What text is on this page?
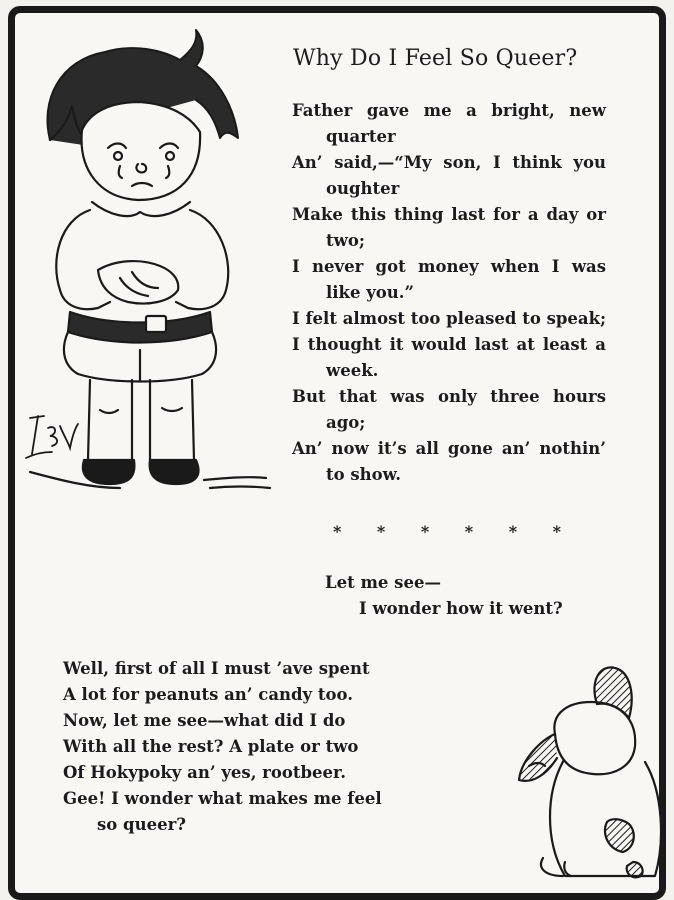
Why Do I Feel So Queer?
Father gave me a bright, new
quarter
An’ said,—“My son, I think you
oughter
Make this thing last for a day or
two;
I never got money when I was
like you.”
I felt almost too pleased to speak;
I thought it would last at least a
week.
But that was only three hours
ago;
An’ now it’s all gone an’ nothin’
to show.
* * * * * *
Let me see—
I wonder how it went?
Well, first of all I must ’ave spent
A lot for peanuts an’ candy too.
Now, let me see—what did I do
With all the rest? A plate or two
Of Hokypoky an’ yes, rootbeer.
Gee! I wonder what makes me feel
so queer?
